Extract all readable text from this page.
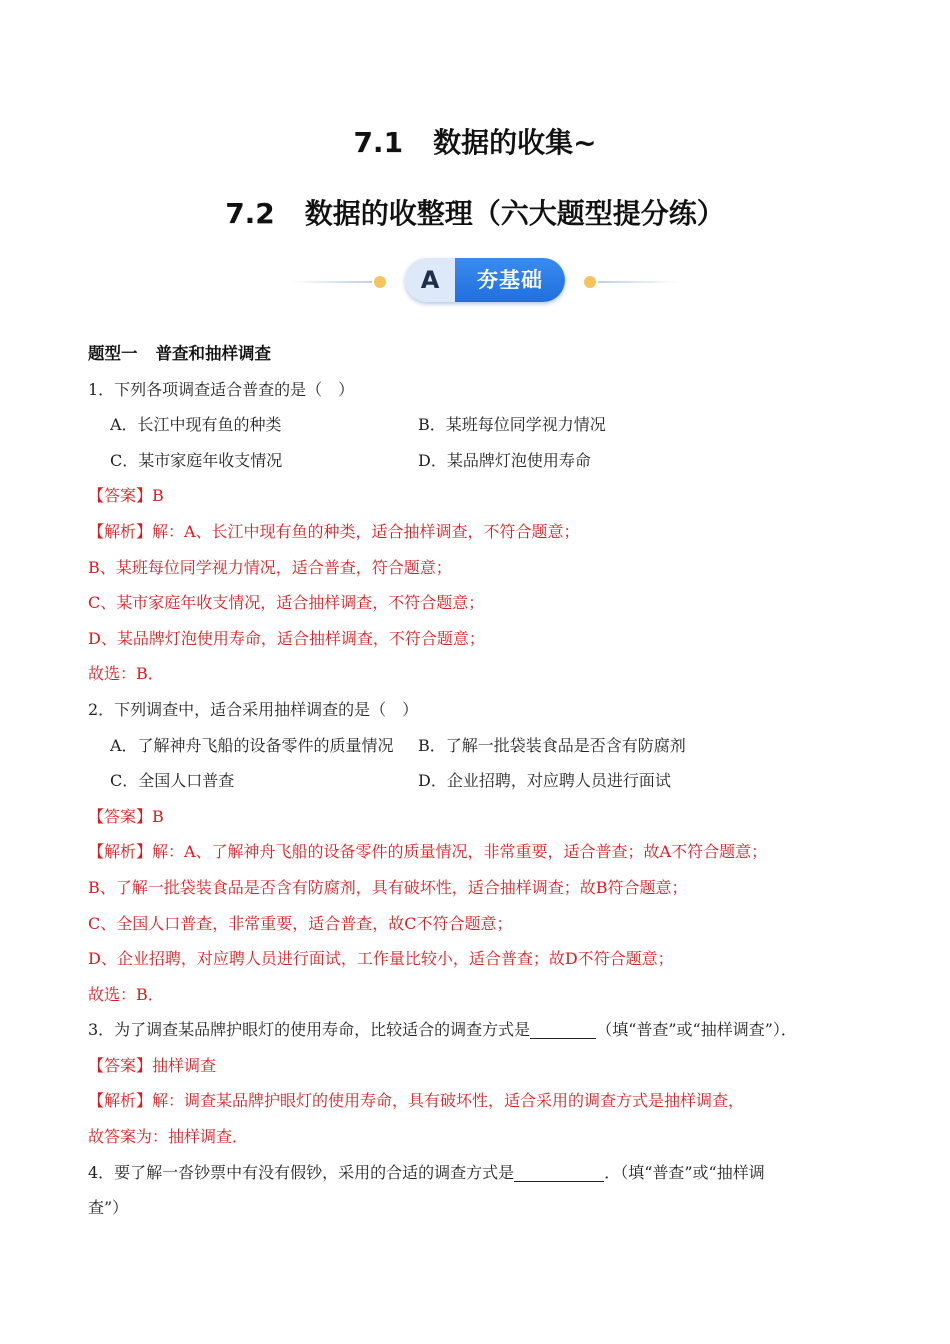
7.1 数据的收集~
7.2 数据的收整理（六大题型提分练）
A	夯基础
题型一 普查和抽样调查
1．下列各项调查适合普查的是（　）
A．长江中现有鱼的种类	B．某班每位同学视力情况
C．某市家庭年收支情况	D．某品牌灯泡使用寿命
【答案】B
【解析】解：A、长江中现有鱼的种类，适合抽样调查，不符合题意；
B、某班每位同学视力情况，适合普查，符合题意；
C、某市家庭年收支情况，适合抽样调查，不符合题意；
D、某品牌灯泡使用寿命，适合抽样调查，不符合题意；
故选：B．
2．下列调查中，适合采用抽样调查的是（　）
A．了解神舟飞船的设备零件的质量情况	B．了解一批袋装食品是否含有防腐剂
C．全国人口普查	D．企业招聘，对应聘人员进行面试
【答案】B
【解析】解：A、了解神舟飞船的设备零件的质量情况，非常重要，适合普查；故A不符合题意；
B、了解一批袋装食品是否含有防腐剂，具有破坏性，适合抽样调查；故B符合题意；
C、全国人口普查，非常重要，适合普查，故C不符合题意；
D、企业招聘，对应聘人员进行面试，工作量比较小，适合普查；故D不符合题意；
故选：B．
3．为了调查某品牌护眼灯的使用寿命，比较适合的调查方式是	（填“普查”或“抽样调查”）．
【答案】抽样调查
【解析】解：调查某品牌护眼灯的使用寿命，具有破坏性，适合采用的调查方式是抽样调查，
故答案为：抽样调查．
4．要了解一沓钞票中有没有假钞，采用的合适的调查方式是	．（填“普查”或“抽样调
查”）
